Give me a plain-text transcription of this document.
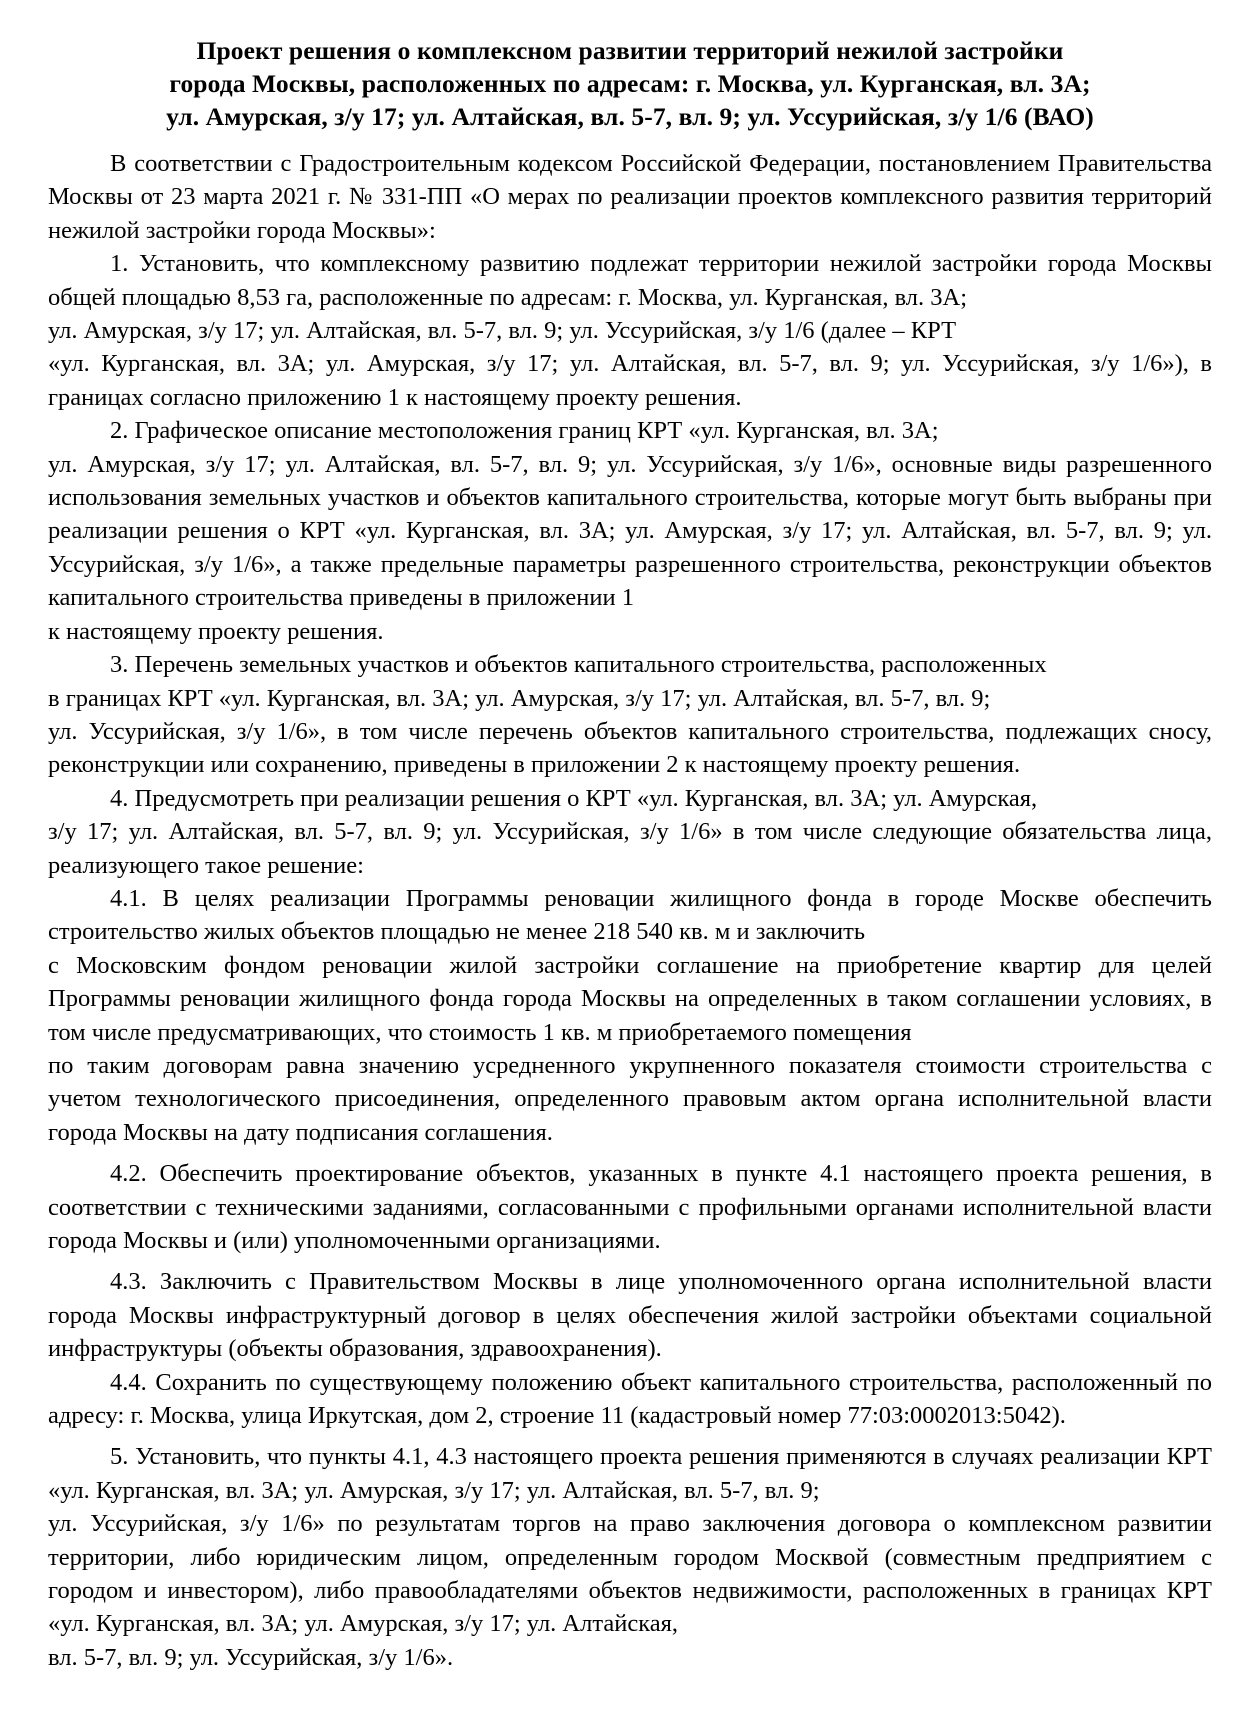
Проект решения о комплексном развитии территорий нежилой застройки
города Москвы, расположенных по адресам: г. Москва, ул. Курганская, вл. 3А;
ул. Амурская, з/у 17; ул. Алтайская, вл. 5-7, вл. 9; ул. Уссурийская, з/у 1/6 (ВАО)

В соответствии с Градостроительным кодексом Российской Федерации, постановлением Правительства Москвы от 23 марта 2021 г. № 331-ПП «О мерах по реализации проектов комплексного развития территорий нежилой застройки города Москвы»:

1. Установить, что комплексному развитию подлежат территории нежилой застройки города Москвы общей площадью 8,53 га, расположенные по адресам: г. Москва, ул. Курганская, вл. 3А;

ул. Амурская, з/у 17; ул. Алтайская, вл. 5-7, вл. 9; ул. Уссурийская, з/у 1/6 (далее – КРТ

«ул. Курганская, вл. 3А; ул. Амурская, з/у 17; ул. Алтайская, вл. 5-7, вл. 9; ул. Уссурийская, з/у 1/6»), в границах согласно приложению 1 к настоящему проекту решения.

2. Графическое описание местоположения границ КРТ «ул. Курганская, вл. 3А;

ул. Амурская, з/у 17; ул. Алтайская, вл. 5-7, вл. 9; ул. Уссурийская, з/у 1/6», основные виды разрешенного использования земельных участков и объектов капитального строительства, которые могут быть выбраны при реализации решения о КРТ «ул. Курганская, вл. 3А; ул. Амурская, з/у 17; ул. Алтайская, вл. 5-7, вл. 9; ул. Уссурийская, з/у 1/6», а также предельные параметры разрешенного строительства, реконструкции объектов капитального строительства приведены в приложении 1

к настоящему проекту решения.

3. Перечень земельных участков и объектов капитального строительства, расположенных

в границах КРТ «ул. Курганская, вл. 3А; ул. Амурская, з/у 17; ул. Алтайская, вл. 5-7, вл. 9;

ул. Уссурийская, з/у 1/6», в том числе перечень объектов капитального строительства, подлежащих сносу, реконструкции или сохранению, приведены в приложении 2 к настоящему проекту решения.

4. Предусмотреть при реализации решения о КРТ «ул. Курганская, вл. 3А; ул. Амурская,

з/у 17; ул. Алтайская, вл. 5-7, вл. 9; ул. Уссурийская, з/у 1/6» в том числе следующие обязательства лица, реализующего такое решение:

4.1. В целях реализации Программы реновации жилищного фонда в городе Москве обеспечить строительство жилых объектов площадью не менее 218 540 кв. м и заключить

с Московским фондом реновации жилой застройки соглашение на приобретение квартир для целей Программы реновации жилищного фонда города Москвы на определенных в таком соглашении условиях, в том числе предусматривающих, что стоимость 1 кв. м приобретаемого помещения

по таким договорам равна значению усредненного укрупненного показателя стоимости строительства с учетом технологического присоединения, определенного правовым актом органа исполнительной власти города Москвы на дату подписания соглашения.

4.2. Обеспечить проектирование объектов, указанных в пункте 4.1 настоящего проекта решения, в соответствии с техническими заданиями, согласованными с профильными органами исполнительной власти города Москвы и (или) уполномоченными организациями.

4.3. Заключить с Правительством Москвы в лице уполномоченного органа исполнительной власти города Москвы инфраструктурный договор в целях обеспечения жилой застройки объектами социальной инфраструктуры (объекты образования, здравоохранения).

4.4. Сохранить по существующему положению объект капитального строительства, расположенный по адресу: г. Москва, улица Иркутская, дом 2, строение 11 (кадастровый номер 77:03:0002013:5042).

5. Установить, что пункты 4.1, 4.3 настоящего проекта решения применяются в случаях реализации КРТ «ул. Курганская, вл. 3А; ул. Амурская, з/у 17; ул. Алтайская, вл. 5-7, вл. 9;

ул. Уссурийская, з/у 1/6» по результатам торгов на право заключения договора о комплексном развитии территории, либо юридическим лицом, определенным городом Москвой (совместным предприятием с городом и инвестором), либо правообладателями объектов недвижимости, расположенных в границах КРТ «ул. Курганская, вл. 3А; ул. Амурская, з/у 17; ул. Алтайская,

вл. 5-7, вл. 9; ул. Уссурийская, з/у 1/6».
